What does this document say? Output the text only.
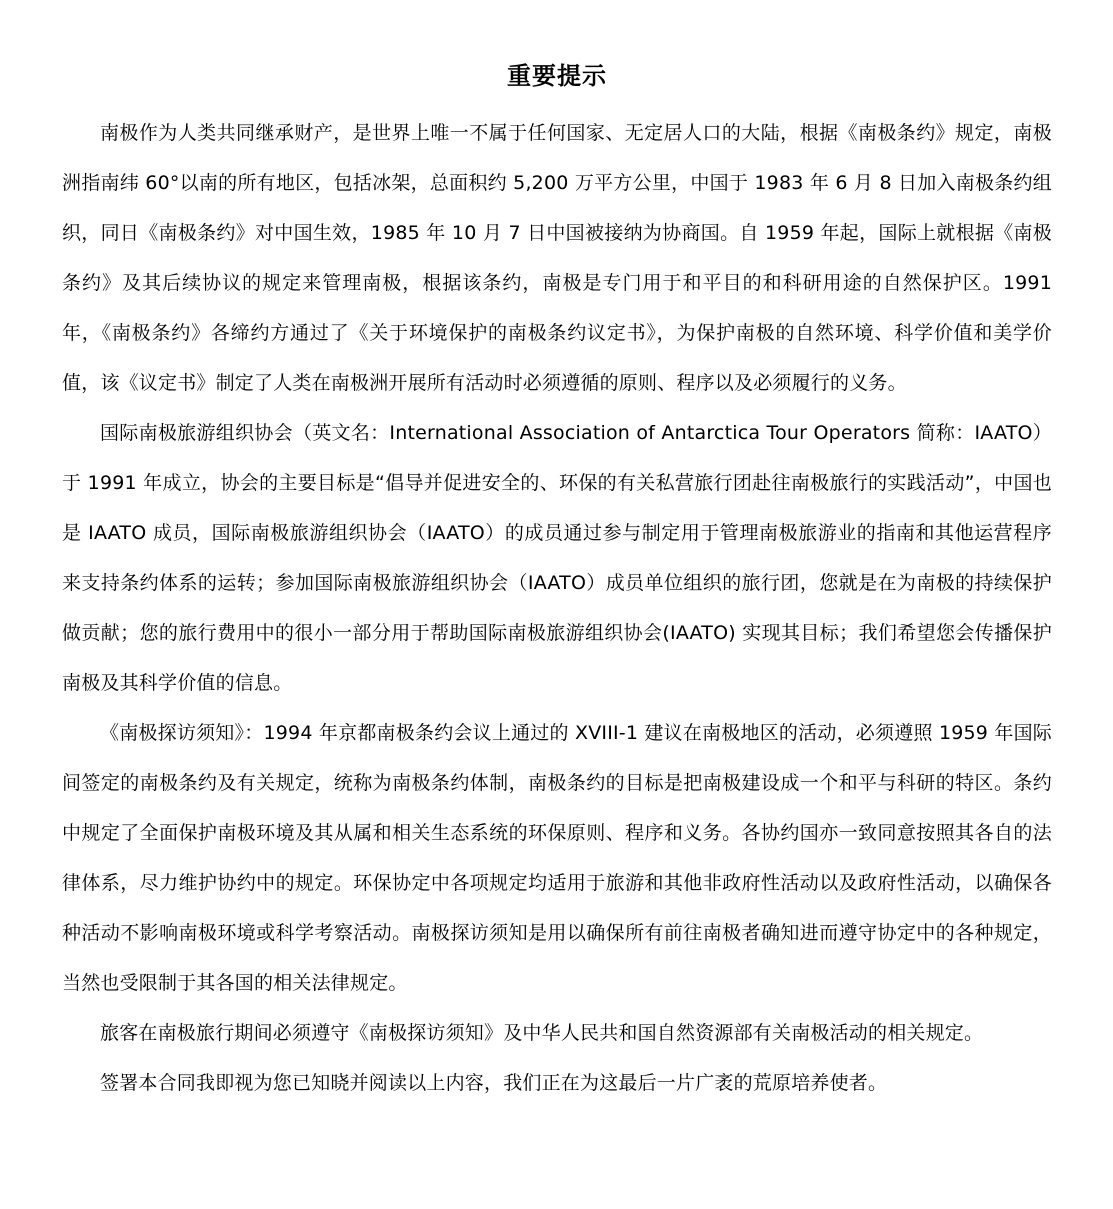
重要提示

南极作为人类共同继承财产，是世界上唯一不属于任何国家、无定居人口的大陆，根据《南极条约》规定，南极洲指南纬 60°以南的所有地区，包括冰架，总面积约 5,200 万平方公里，中国于 1983 年 6 月 8 日加入南极条约组织，同日《南极条约》对中国生效，1985 年 10 月 7 日中国被接纳为协商国。自 1959 年起，国际上就根据《南极条约》及其后续协议的规定来管理南极，根据该条约，南极是专门用于和平目的和科研用途的自然保护区。1991 年，《南极条约》各缔约方通过了《关于环境保护的南极条约议定书》，为保护南极的自然环境、科学价值和美学价值，该《议定书》制定了人类在南极洲开展所有活动时必须遵循的原则、程序以及必须履行的义务。

国际南极旅游组织协会（英文名：International Association of Antarctica Tour Operators 简称：IAATO）于 1991 年成立，协会的主要目标是“倡导并促进安全的、环保的有关私营旅行团赴往南极旅行的实践活动”，中国也是 IAATO 成员，国际南极旅游组织协会（IAATO）的成员通过参与制定用于管理南极旅游业的指南和其他运营程序来支持条约体系的运转；参加国际南极旅游组织协会（IAATO）成员单位组织的旅行团，您就是在为南极的持续保护做贡献；您的旅行费用中的很小一部分用于帮助国际南极旅游组织协会(IAATO) 实现其目标；我们希望您会传播保护南极及其科学价值的信息。

《南极探访须知》：1994 年京都南极条约会议上通过的 XVIII-1 建议在南极地区的活动，必须遵照 1959 年国际间签定的南极条约及有关规定，统称为南极条约体制，南极条约的目标是把南极建设成一个和平与科研的特区。条约中规定了全面保护南极环境及其从属和相关生态系统的环保原则、程序和义务。各协约国亦一致同意按照其各自的法律体系，尽力维护协约中的规定。环保协定中各项规定均适用于旅游和其他非政府性活动以及政府性活动，以确保各种活动不影响南极环境或科学考察活动。南极探访须知是用以确保所有前往南极者确知进而遵守协定中的各种规定，当然也受限制于其各国的相关法律规定。

旅客在南极旅行期间必须遵守《南极探访须知》及中华人民共和国自然资源部有关南极活动的相关规定。

签署本合同我即视为您已知晓并阅读以上内容，我们正在为这最后一片广袤的荒原培养使者。
